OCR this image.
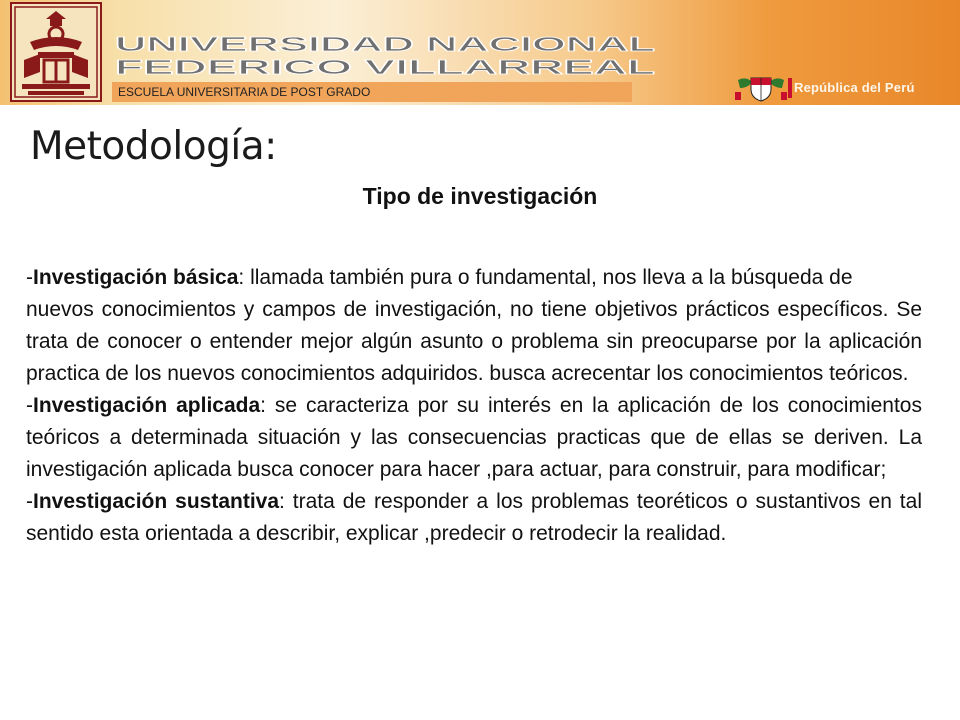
UNIVERSIDAD NACIONAL
FEDERICO VILLARREAL
ESCUELA UNIVERSITARIA DE POST GRADO	República del Perú
Metodología:
Tipo de investigación

-Investigación básica: llamada también pura o fundamental, nos lleva a la búsqueda de

nuevos conocimientos y campos de investigación, no tiene objetivos prácticos específicos. Se trata de conocer o entender mejor algún asunto o problema sin preocuparse por la aplicación practica de los nuevos conocimientos adquiridos. busca acrecentar los conocimientos teóricos.

-Investigación aplicada: se caracteriza por su interés en la aplicación de los conocimientos teóricos a determinada situación y las consecuencias practicas que de ellas se deriven. La investigación aplicada busca conocer para hacer ,para actuar, para construir, para modificar;

-Investigación sustantiva: trata de responder a los problemas teoréticos o sustantivos en tal sentido esta orientada a describir, explicar ,predecir o retrodecir la realidad.
